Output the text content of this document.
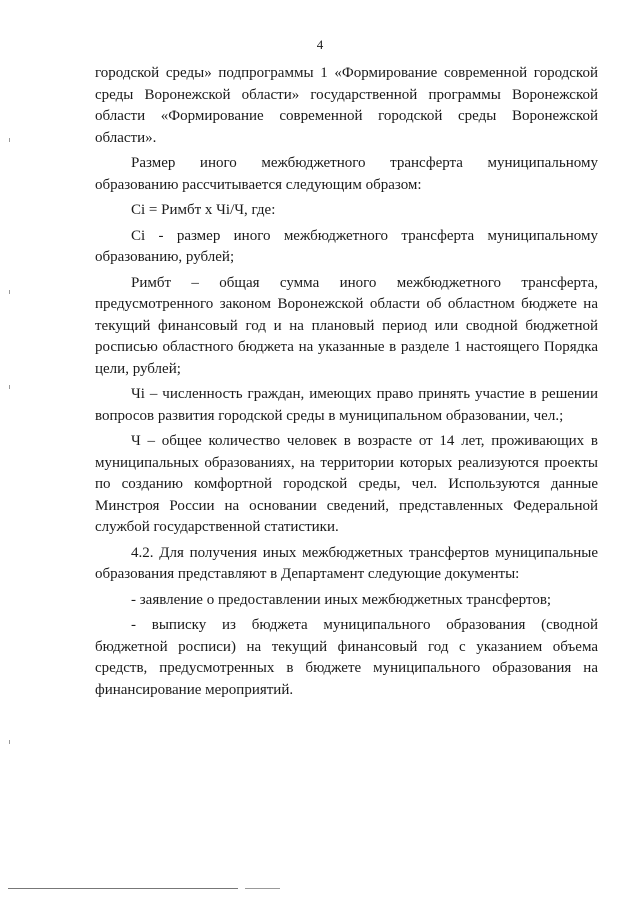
4

городской среды» подпрограммы 1 «Формирование современной городской среды Воронежской области» государственной программы Воронежской области «Формирование современной городской среды Воронежской области».

Размер иного межбюджетного трансферта муниципальному образованию рассчитывается следующим образом:

Ci = Римбт x Чi/Ч, где:

Ci - размер иного межбюджетного трансферта муниципальному образованию, рублей;

Римбт – общая сумма иного межбюджетного трансферта, предусмотренного законом Воронежской области об областном бюджете на текущий финансовый год и на плановый период или сводной бюджетной росписью областного бюджета на указанные в разделе 1 настоящего Порядка цели, рублей;

Чi – численность граждан, имеющих право принять участие в решении вопросов развития городской среды в муниципальном образовании, чел.;

Ч – общее количество человек в возрасте от 14 лет, проживающих в муниципальных образованиях, на территории которых реализуются проекты по созданию комфортной городской среды, чел. Используются данные Минстроя России на основании сведений, представленных Федеральной службой государственной статистики.

4.2. Для получения иных межбюджетных трансфертов муниципальные образования представляют в Департамент следующие документы:

- заявление о предоставлении иных межбюджетных трансфертов;

- выписку из бюджета муниципального образования (сводной бюджетной росписи) на текущий финансовый год с указанием объема средств, предусмотренных в бюджете муниципального образования на финансирование мероприятий.
